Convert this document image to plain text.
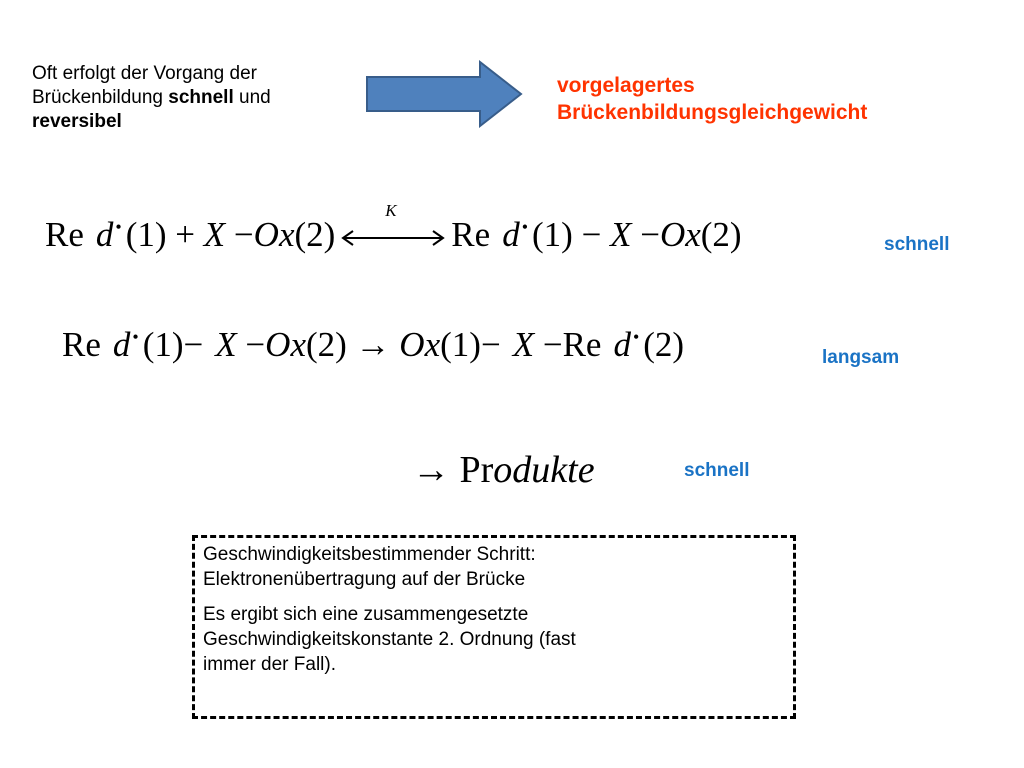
Oft erfolgt der Vorgang der
Brückenbildung schnell und
reversibel
vorgelagertes
Brückenbildungsgleichgewicht
Re d • (1) + X −Ox(2)
K
Re d • (1) − X −Ox(2)	schnell
Re d • (1)− X −Ox(2) → Ox(1)− X −Re d • (2)	langsam
→ Produkte	schnell

Geschwindigkeitsbestimmender Schritt:
Elektronenübertragung auf der Brücke

Es ergibt sich eine zusammengesetzte
Geschwindigkeitskonstante 2. Ordnung (fast
immer der Fall).
